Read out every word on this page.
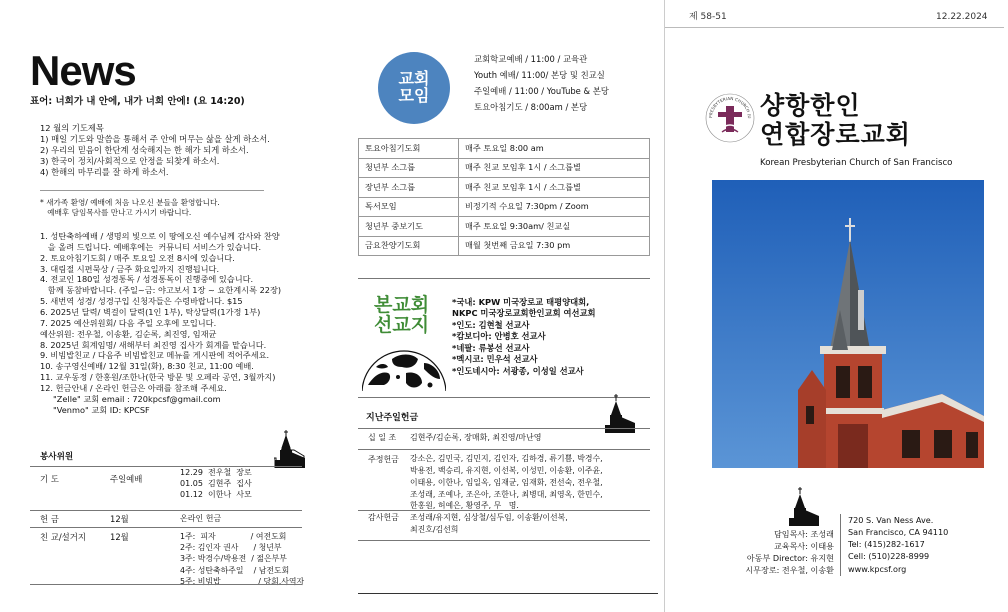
제 58-51	12.22.2024
News
표어: 너희가 내 안에, 내가 너희 안에! (요 14:20)
12 월의 기도제목
1) 매일 기도와 말씀을 통해서 주 안에 머무는 삶을 살게 하소서.
2) 우리의 믿음이 한단계 성숙해지는 한 해가 되게 하소서.
3) 한국이 정치/사회적으로 안정을 되찾게 하소서.
4) 한해의 마무리를 잘 하게 하소서.
* 새가족 환영/ 예배에 처음 나오신 분들을 환영합니다.
예배후 담임목사를 만나고 가시기 바랍니다.
1. 성탄축하예배 / 생명의 빛으로 이 땅에오신 예수님께 감사와 찬양
을 올려 드립니다. 예배후에는  커뮤니티 서비스가 있습니다.
2. 토요아침기도회 / 매주 토요일 오전 8시에 있습니다.
3. 대림절 시편묵상 / 금주 화요일까지 진행됩니다.
4. 전교인 180일 성경통독 / 성경통독이 진행중에 있습니다.
함께 동참바랍니다. (주일~금: 야고보서 1장 ~ 요한계시록 22장)
5. 새번역 성경/ 성경구입 신청자들은 수령바랍니다. $15
6. 2025년 달력/ 벽걸이 달력(1인 1부), 탁상달력(1가정 1부)
7. 2025 예산위원회/ 다음 주일 오후에 모입니다.
예산위원: 전우철, 이송환, 김순록, 최진영, 임재균
8. 2025년 회계임명/ 새해부터 최진영 집사가 회계를 맡습니다.
9. 비빔밥친교 / 다음주 비빔밥친교 메뉴를 게시판에 적어주세요.
10. 송구영신예배/ 12월 31일(화), 8:30 친교, 11:00 예배.
11. 교우동정 / 한홍원/조한나(한국 방문 및 오페라 공연, 3월까지)
12. 헌금안내 / 온라인 헌금은 아래를 참조해 주세요.
"Zelle" 교회 email : 720kpcsf@gmail.com
"Venmo" 교회 ID: KPCSF
봉사위원
기 도	주일예배
12.29  전우철  장로
01.05  김현주  집사
01.12  이한나  사모
헌 금	12월	온라인 헌금
친 교/설거지	12월	1주:  피자              / 여전도회
2주: 김인자 권사      / 청년부
3주: 박경수/박용전  / 젊은부부
4주: 성탄축하주일    / 남전도회
5주: 비빔밥               / 당회,사역자
교회
모임
교회학교예배 / 11:00 / 교육관
Youth 예배/ 11:00/ 본당 및 친교실
주일예배 / 11:00 / YouTube & 본당
토요아침기도 / 8:00am / 본당
토요아침기도회	매주 토요일 8:00 am
청년부 소그룹	매주 친교 모임후 1시 / 소그룹별
장년부 소그룹	매주 친교 모임후 1시 / 소그룹별
독서모임	비정기적 수요일 7:30pm / Zoom
청년부 중보기도	매주 토요일 9:30am/ 친교실
금요찬양기도회	매월 첫번째 금요일 7:30 pm
본교회
선교지
*국내: KPW 미국장로교 태평양대회,
NKPC 미국장로교회한인교회 여선교회
*인도: 김현철 선교사
*캄보디아: 안병호 선교사
*네팔: 류봉선 선교사
*멕시코: 민우석 선교사
*인도네시아: 서광종, 이성일 선교사
지난주일헌금
십 일 조 김현주/김순록, 장매화, 최진영/마난영
주정헌금 강소은, 김민국, 김민지, 김인자, 김하경, 류기쁨, 박경수,
박용전, 백승리, 유지현, 이선복, 이성민, 이송환, 이주윤,
이태용, 이한나, 임일옥, 임재균, 임재화, 전선숙, 전우철,
조성래, 조예나, 조은아, 조한나, 최병대, 최영옥, 한민수,
한홍원, 허예은, 황영주, 무   명.
감사헌금 조성래/유지현, 심상철/심두임, 이송환/이선복,
최진호/김선희
PRESBYTERIAN CHURCH (U 샹항한인
연합장로교회
Korean Presbyterian Church of San Francisco
담임목사: 조성래
교육목사: 이태용
아동부 Director: 유지현
시무장로: 전우철, 이송환
720 S. Van Ness Ave.
San Francisco, CA 94110
Tel: (415)282-1617
Cell: (510)228-8999
www.kpcsf.org
